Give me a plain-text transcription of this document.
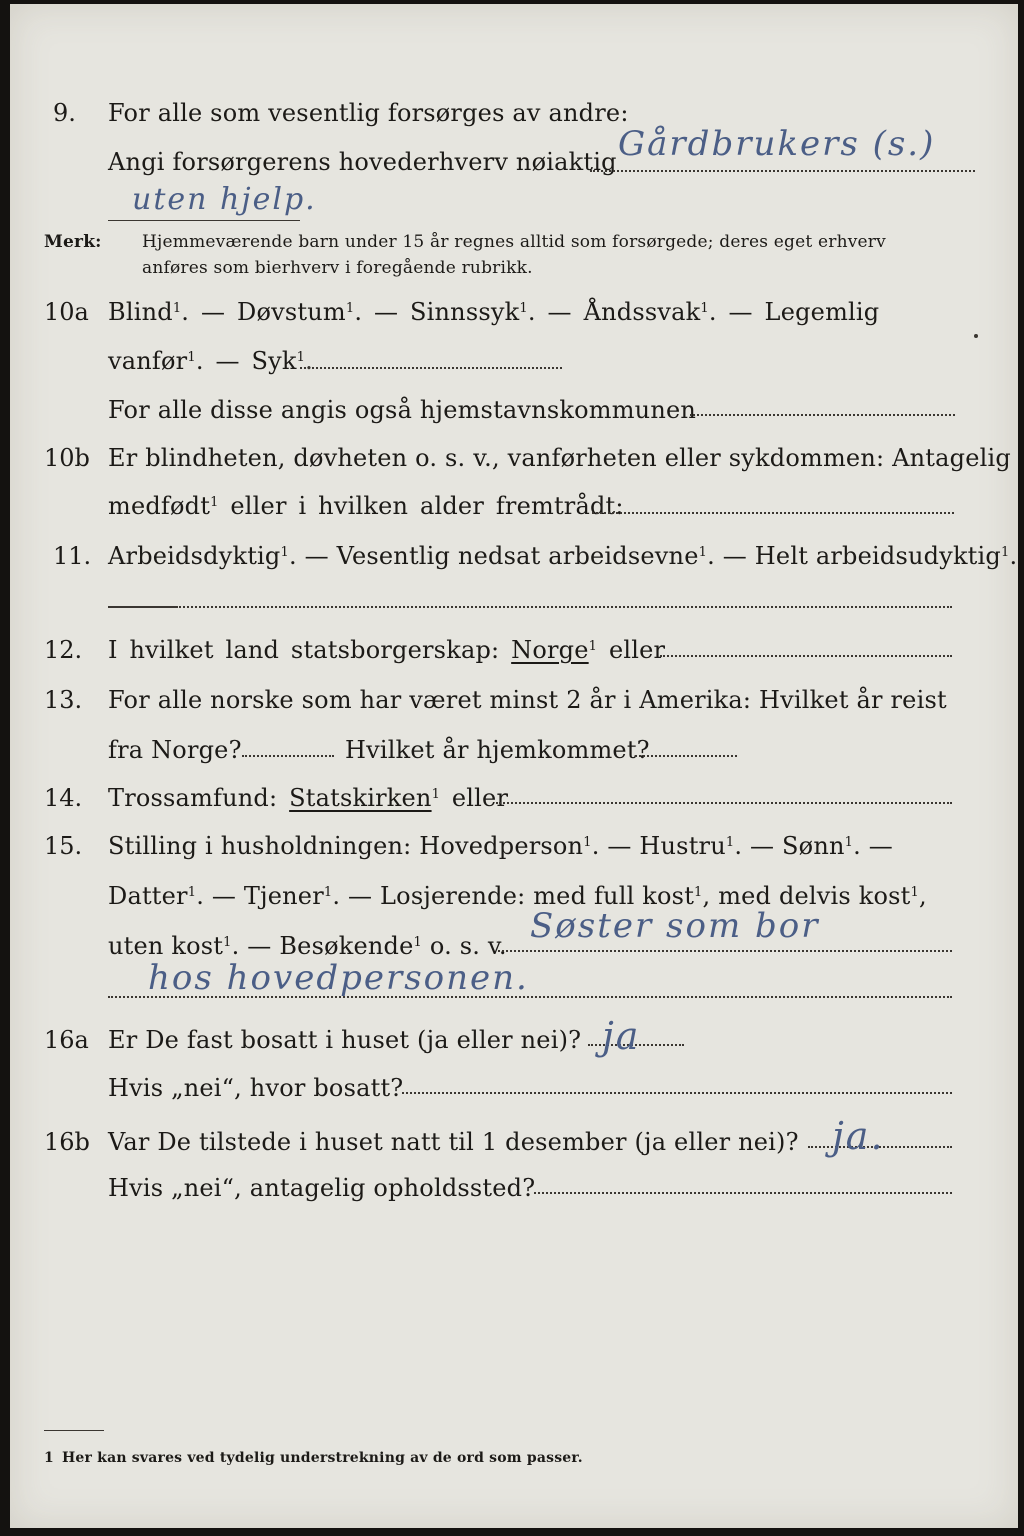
9. For alle som vesentlig forsørges av andre:
Angi forsørgerens hovederhverv nøiaktig Gårdbrukers (s.)
uten hjelp.
Merk: Hjemmeværende barn under 15 år regnes alltid som forsørgede; deres eget erhverv
anføres som bierhverv i foregående rubrikk.
10a Blind$^1$. — Døvstum$^1$. — Sinnssyk$^1$. — Åndssvak$^1$. — Legemlig
vanfør$^1$. — Syk$^1$.
For alle disse angis også hjemstavnskommunen
10b Er blindheten, døvheten o. s. v., vanførheten eller sykdommen: Antagelig
medfødt$^1$ eller i hvilken alder fremtrådt:
11. Arbeidsdyktig$^1$. — Vesentlig nedsat arbeidsevne$^1$. — Helt arbeidsudyktig$^1$.
12. I hvilket land statsborgerskap: Norge$^1$ eller
13. For alle norske som har været minst 2 år i Amerika: Hvilket år reist
fra Norge?	Hvilket år hjemkommet?
14. Trossamfund: Statskirken$^1$ eller
15. Stilling i husholdningen: Hovedperson$^1$. — Hustru$^1$. — Sønn$^1$. —
Datter$^1$. — Tjener$^1$. — Losjerende: med full kost$^1$, med delvis kost$^1$,
uten kost$^1$. — Besøkende$^1$ o. s. v. Søster som bor
hos hovedpersonen.
16a Er De fast bosatt i huset (ja eller nei)? ja
Hvis „nei“, hvor bosatt?
16b Var De tilstede i huset natt til 1 desember (ja eller nei)? ja.
Hvis „nei“, antagelig opholdssted?
1 Her kan svares ved tydelig understrekning av de ord som passer.
